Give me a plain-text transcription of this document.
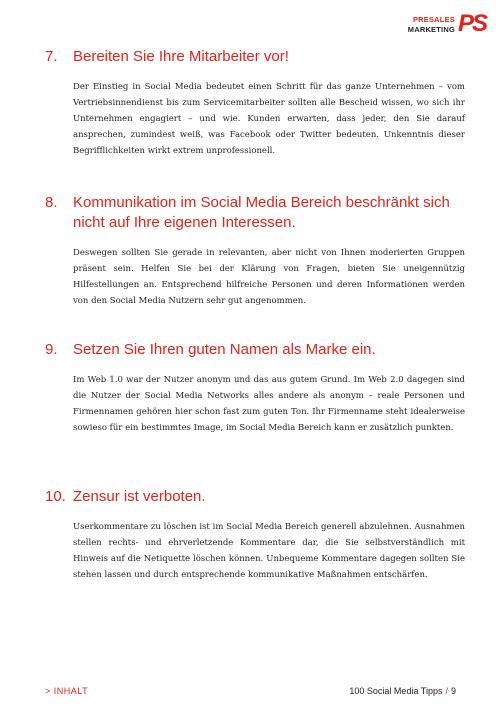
PRESALES
MARKETING PS
7.	Bereiten Sie Ihre Mitarbeiter vor!

Der Einstieg in Social Media bedeutet einen Schritt für das ganze Unternehmen – vom Vertriebsinnendienst bis zum Servicemitarbeiter sollten alle Bescheid wissen, wo sich ihr Unternehmen engagiert – und wie. Kunden erwarten, dass jeder, den Sie darauf ansprechen, zumindest weiß, was Facebook oder Twitter bedeuten. Unkenntnis dieser Begrifflichkeiten wirkt extrem unprofessionell.

8.	Kommunikation im Social Media Bereich beschränkt sich nicht auf Ihre eigenen Interessen.

Deswegen sollten Sie gerade in relevanten, aber nicht von Ihnen moderierten Gruppen präsent sein. Helfen Sie bei der Klärung von Fragen, bieten Sie uneigennützig Hilfestellungen an. Entsprechend hilfreiche Personen und deren Informationen werden von den Social Media Nutzern sehr gut angenommen.

9.	Setzen Sie Ihren guten Namen als Marke ein.

Im Web 1.0 war der Nutzer anonym und das aus gutem Grund. Im Web 2.0 dagegen sind die Nutzer der Social Media Networks alles andere als anonym – reale Personen und Firmennamen gehören hier schon fast zum guten Ton. Ihr Firmenname steht idealerweise sowieso für ein bestimmtes Image, im Social Media Bereich kann er zusätzlich punkten.

10. Zensur ist verboten.

Userkommentare zu löschen ist im Social Media Bereich generell abzulehnen. Ausnahmen stellen rechts- und ehrverletzende Kommentare dar, die Sie selbstverständlich mit Hinweis auf die Netiquette löschen können. Unbequeme Kommentare dagegen sollten Sie stehen lassen und durch entsprechende kommunikative Maßnahmen entschärfen.

> INHALT	100 Social Media Tipps / 9
